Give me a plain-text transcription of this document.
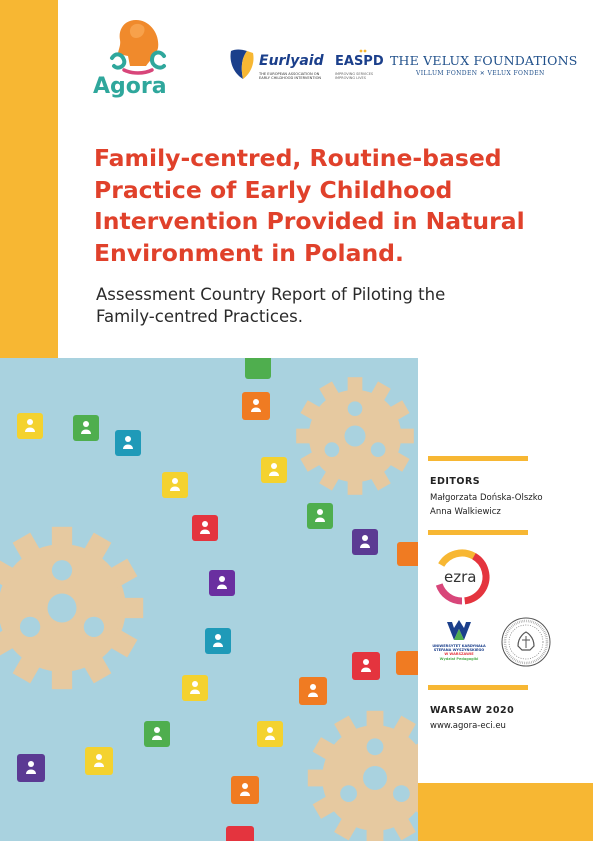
Agora
Eurlyaid
THE EUROPEAN ASSOCIATION ON
EARLY CHILDHOOD INTERVENTION
EASPD
IMPROVING SERVICES
IMPROVING LIVES
THE VELUX FOUNDATIONS
VILLUM FONDEN ✕ VELUX FONDEN
Family-centred, Routine-based
Practice of Early Childhood
Intervention Provided in Natural
Environment in Poland.

Assessment Country Report of Piloting the
Family-centred Practices.

EDITORS
Małgorzata Dońska-Olszko
Anna Walkiewicz
ezra
UNIWERSYTET KARDYNAŁA
STEFANA WYSZYŃSKIEGO
W WARSZAWIE
Wydział Pedagogiki
WARSAW 2020
www.agora-eci.eu
